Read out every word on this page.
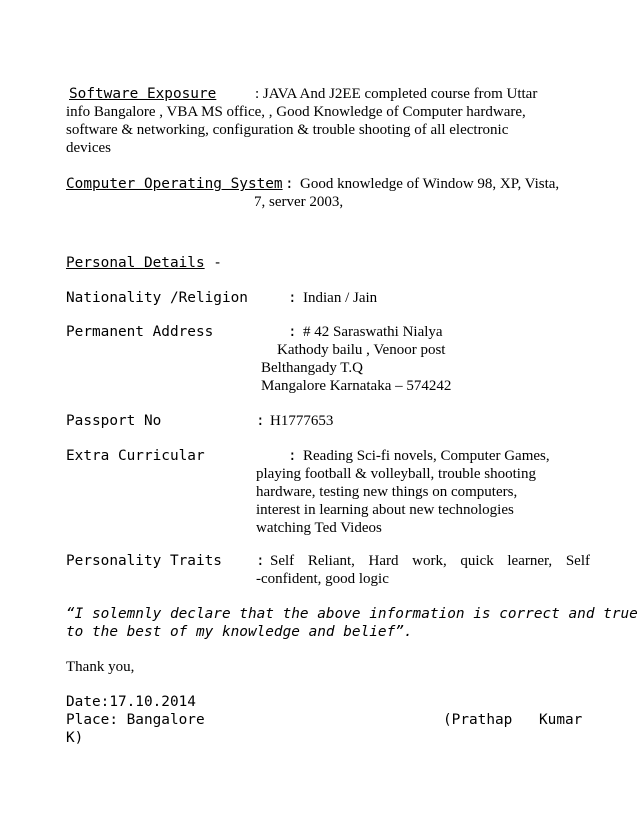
Software Exposure	: JAVA And J2EE completed course from Uttar
info Bangalore , VBA MS office, , Good Knowledge of Computer hardware,
software & networking, configuration & trouble shooting of all electronic
devices
Computer Operating System : Good knowledge of Window 98, XP, Vista,
7, server 2003,
Personal Details -
Nationality /Religion	: Indian / Jain
Permanent Address	: # 42 Saraswathi Nialya
Kathody bailu , Venoor post
Belthangady T.Q
Mangalore Karnataka – 574242
Passport No	: H1777653
Extra Curricular	: Reading Sci-fi novels, Computer Games,
playing football & volleyball, trouble shooting
hardware, testing new things on computers,
interest in learning about new technologies
watching Ted Videos
Personality Traits : Self Reliant, Hard work, quick learner, Self
-confident, good logic
“I solemnly declare that the above information is correct and true
to the best of my knowledge and belief”.
Thank you,
Date:17.10.2014
Place: Bangalore	(Prathap Kumar
K)
